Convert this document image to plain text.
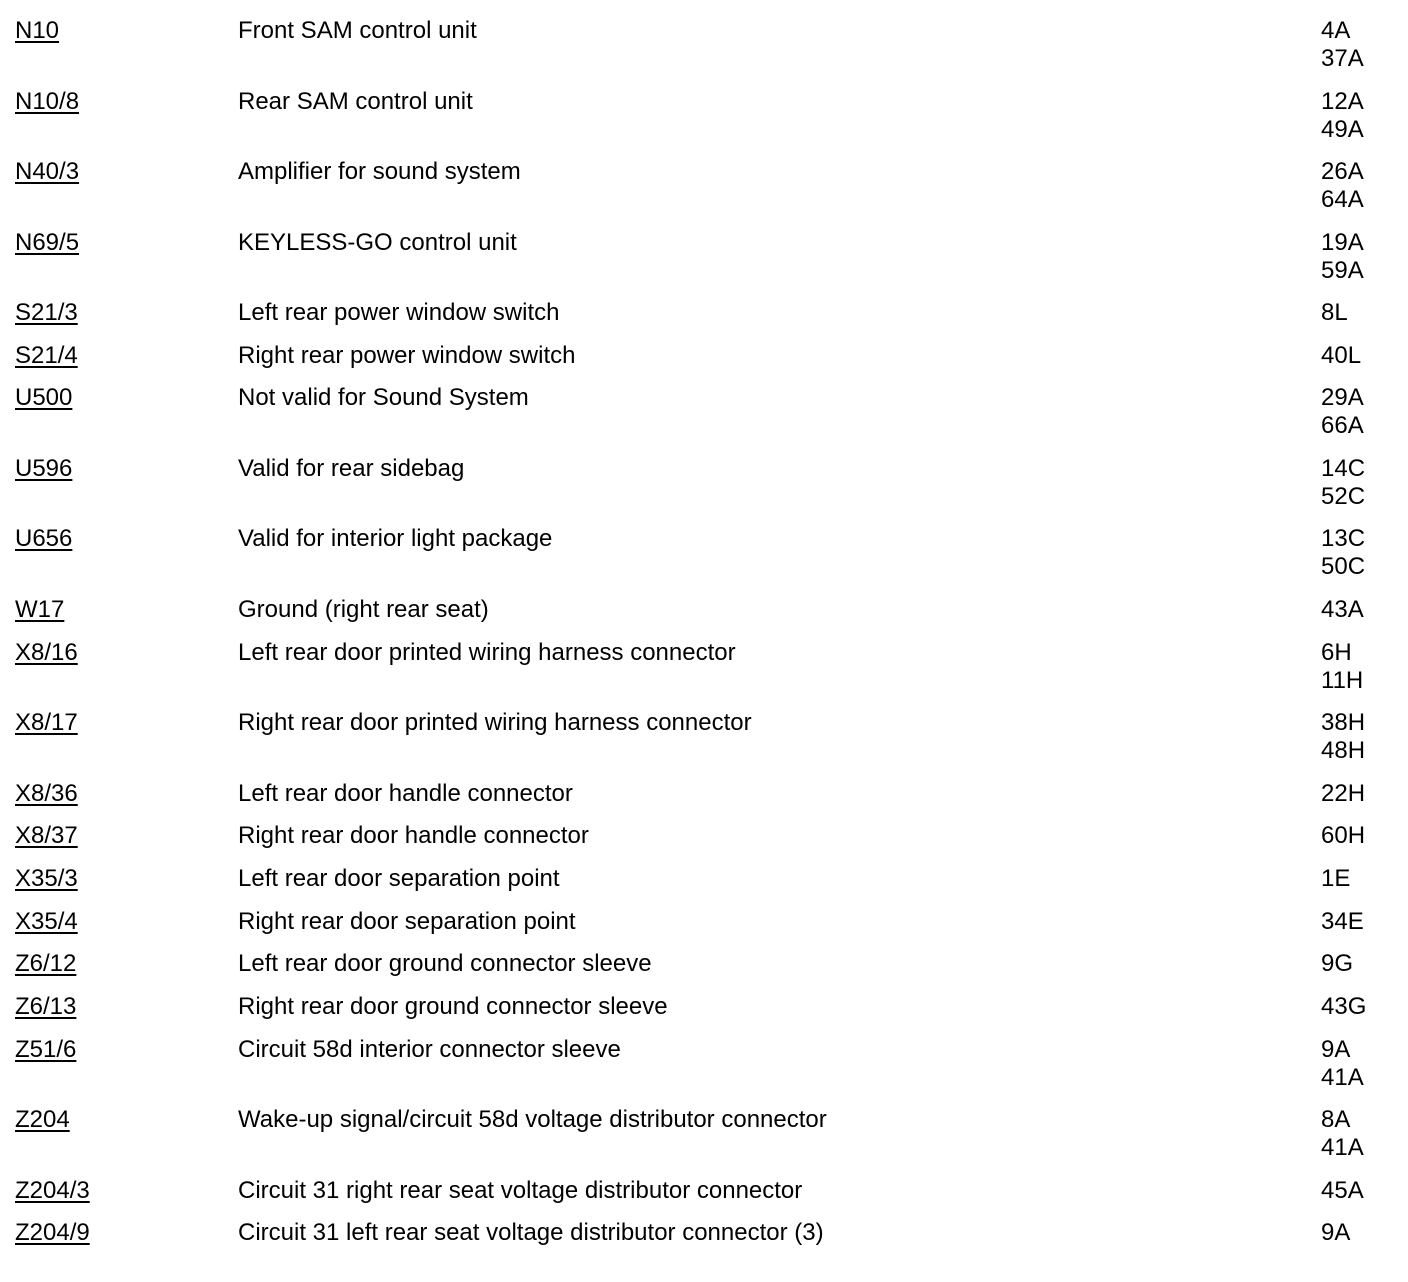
N10	Front SAM control unit	4A
37A
N10/8	Rear SAM control unit	12A
49A
N40/3	Amplifier for sound system	26A
64A
N69/5	KEYLESS-GO control unit	19A
59A
S21/3	Left rear power window switch	8L
S21/4	Right rear power window switch	40L
U500	Not valid for Sound System	29A
66A
U596	Valid for rear sidebag	14C
52C
U656	Valid for interior light package	13C
50C
W17	Ground (right rear seat)	43A
X8/16	Left rear door printed wiring harness connector	6H
11H
X8/17	Right rear door printed wiring harness connector	38H
48H
X8/36	Left rear door handle connector	22H
X8/37	Right rear door handle connector	60H
X35/3	Left rear door separation point	1E
X35/4	Right rear door separation point	34E
Z6/12	Left rear door ground connector sleeve	9G
Z6/13	Right rear door ground connector sleeve	43G
Z51/6	Circuit 58d interior connector sleeve	9A
41A
Z204	Wake-up signal/circuit 58d voltage distributor connector	8A
41A
Z204/3	Circuit 31 right rear seat voltage distributor connector	45A
Z204/9	Circuit 31 left rear seat voltage distributor connector (3)	9A
